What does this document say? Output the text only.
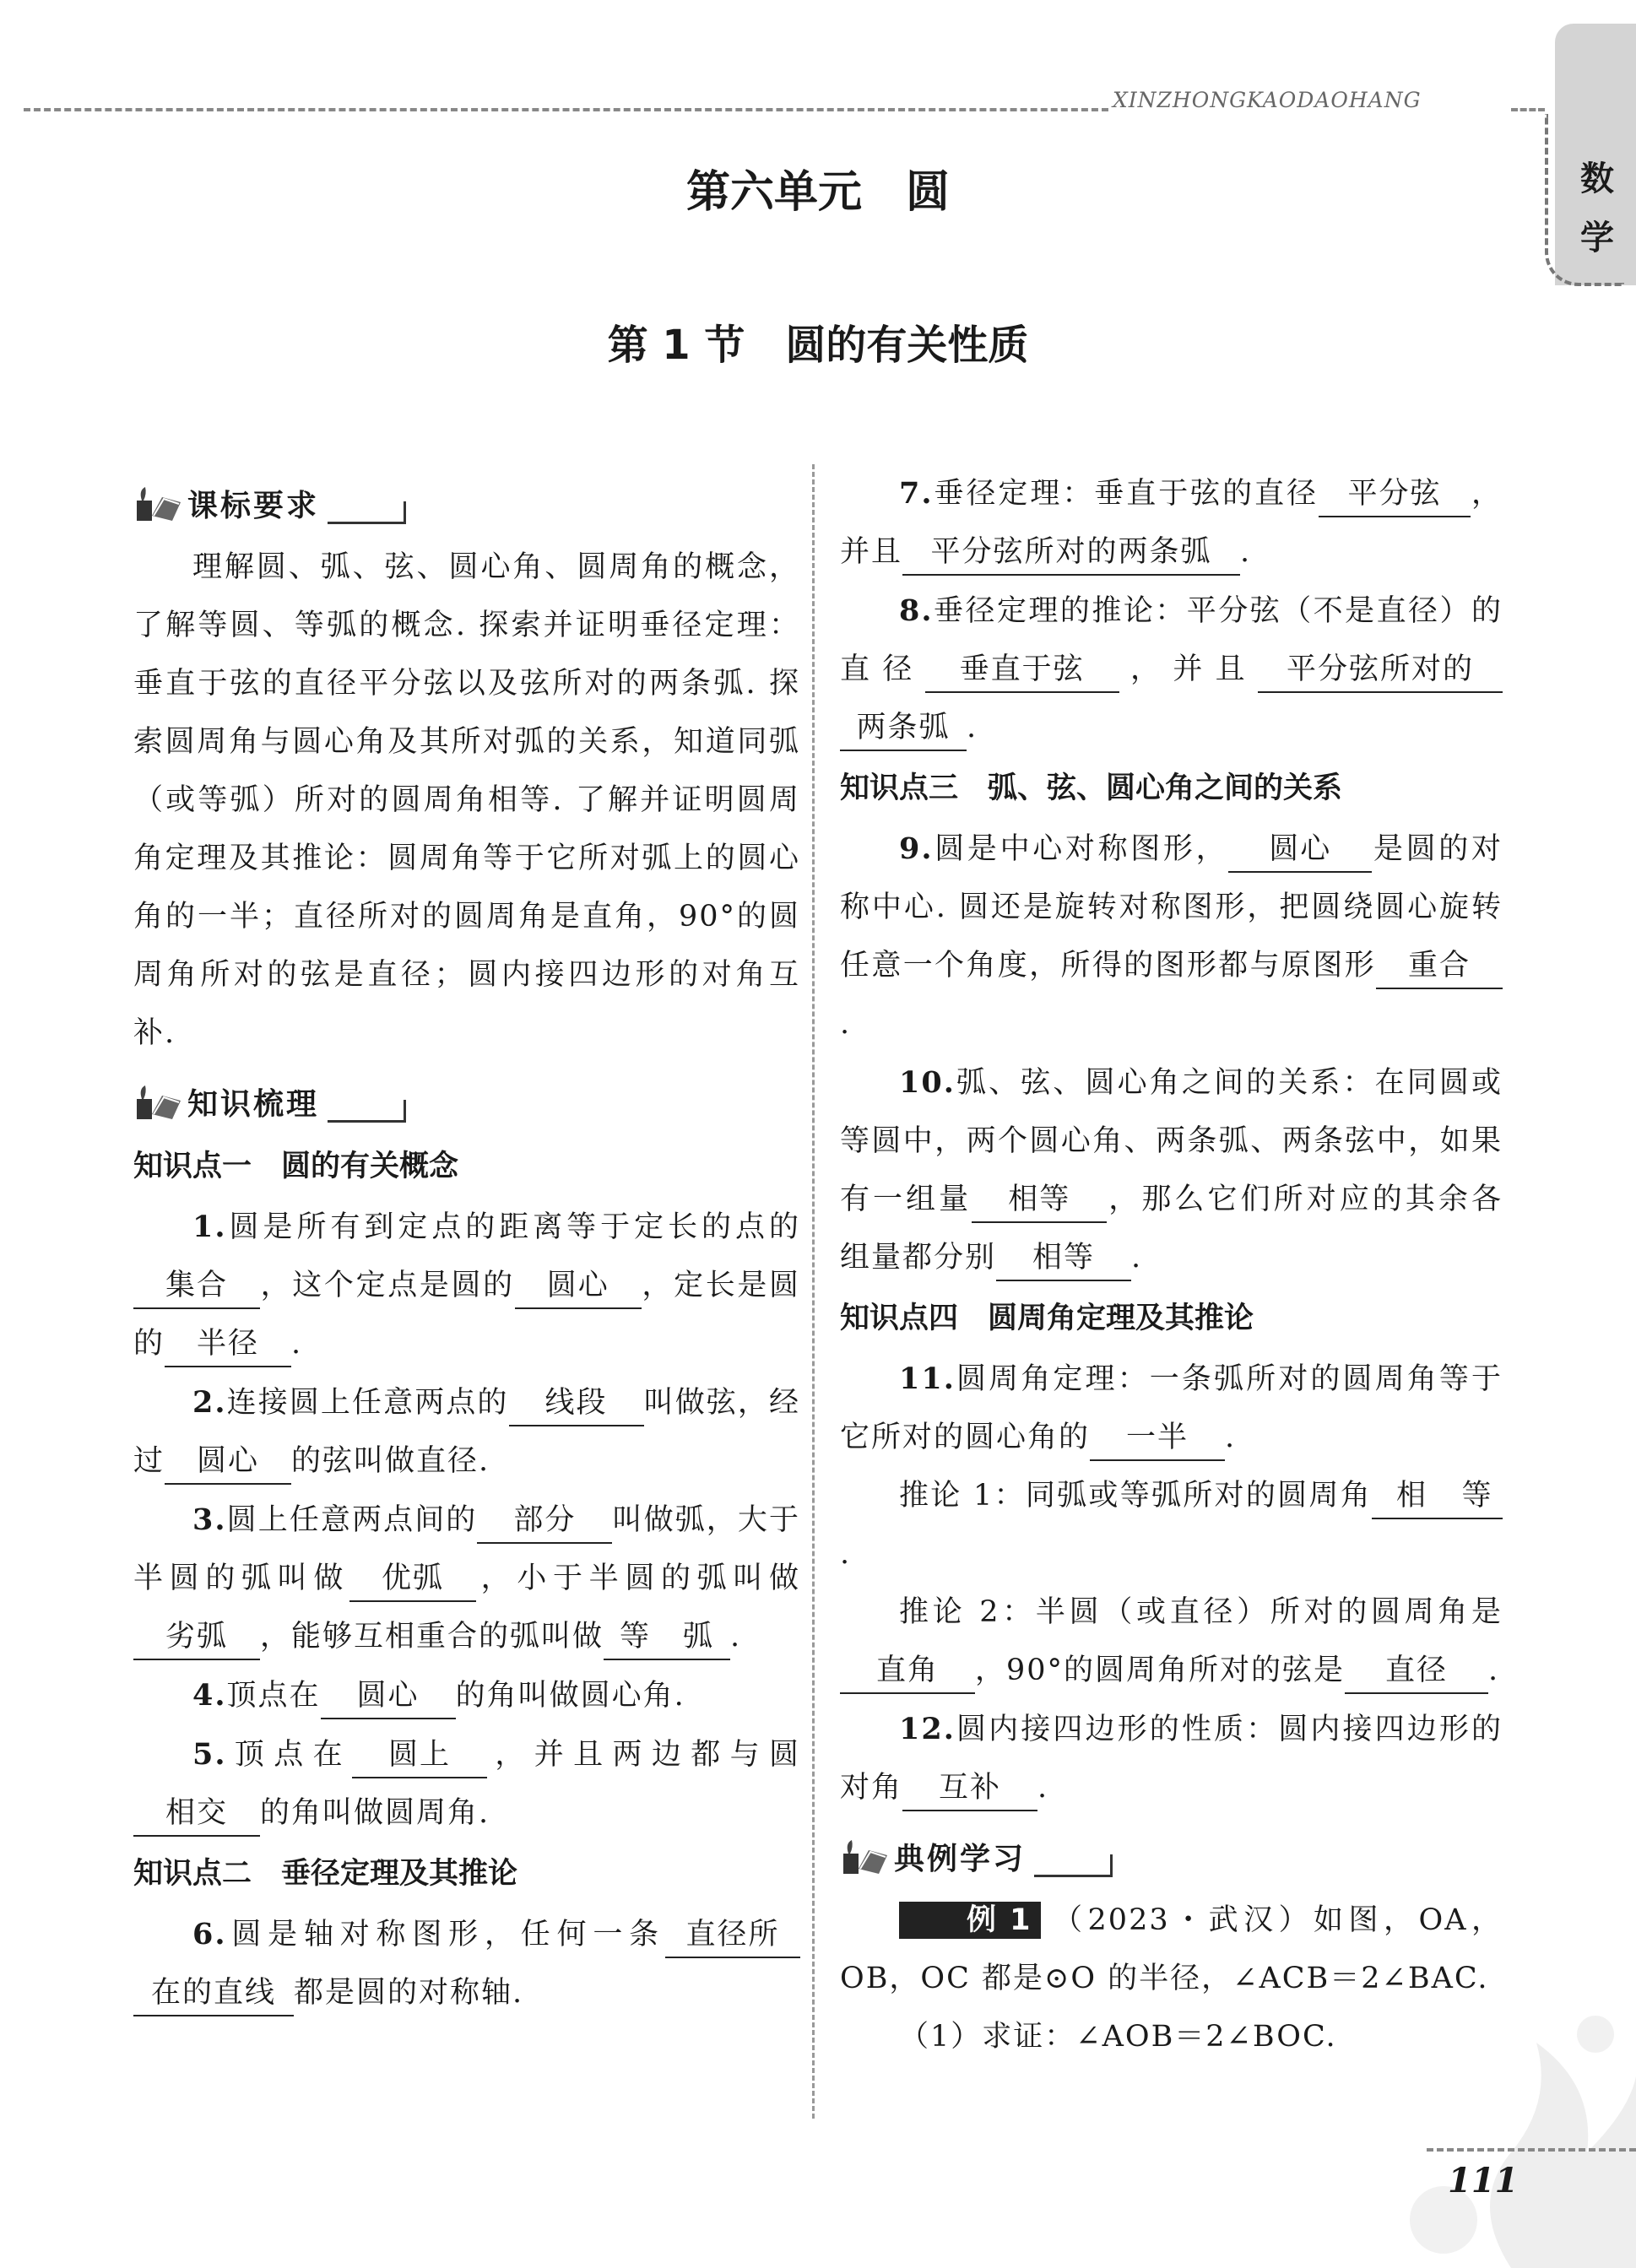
XINZHONGKAODAOHANG
数
学
第六单元　圆
第 1 节　圆的有关性质
课标要求

理解圆、弧、弦、圆心角、圆周角的概念，了解等圆、等弧的概念. 探索并证明垂径定理：垂直于弦的直径平分弦以及弦所对的两条弧. 探索圆周角与圆心角及其所对弧的关系，知道同弧（或等弧）所对的圆周角相等. 了解并证明圆周角定理及其推论：圆周角等于它所对弧上的圆心角的一半；直径所对的圆周角是直角，90°的圆周角所对的弦是直径；圆内接四边形的对角互补.

知识梳理
知识点一　圆的有关概念

1.圆是所有到定点的距离等于定长的点的集合 ，这个定点是圆的 圆心 ，定长是圆的 半径 .

2.连接圆上任意两点的 线段 叫做弦，经过 圆心 的弦叫做直径.

3.圆上任意两点间的 部分 叫做弧，大于半圆的弧叫做 优弧 ，小于半圆的弧叫做劣弧 ，能够互相重合的弧叫做 等 弧 .

4.顶点在 圆心 的角叫做圆心角.

5.顶点在 圆上 ，并且两边都与圆相交 的角叫做圆周角.

知识点二　垂径定理及其推论

6.圆是轴对称图形，任何一条 直径所在的直线 都是圆的对称轴.

7.垂径定理：垂直于弦的直径 平分弦 ，并且 平分弦所对的两条弧 .

8.垂径定理的推论：平分弦（不是直径）的直径 垂直于弦 ，并且 平分弦所对的两条弧 .

知识点三　弧、弦、圆心角之间的关系

9.圆是中心对称图形， 圆心 是圆的对称中心. 圆还是旋转对称图形，把圆绕圆心旋转任意一个角度，所得的图形都与原图形 重合.

10.弧、弦、圆心角之间的关系：在同圆或等圆中，两个圆心角、两条弧、两条弦中，如果有一组量 相等 ，那么它们所对应的其余各组量都分别 相等 .

知识点四　圆周角定理及其推论

11.圆周角定理：一条弧所对的圆周角等于它所对的圆心角的 一半 .

推论 1：同弧或等弧所对的圆周角 相 等.

推论 2：半圆（或直径）所对的圆周角是直角 ，90°的圆周角所对的弦是 直径 .

12.圆内接四边形的性质：圆内接四边形的对角 互补 .

典例学习

例 1 （2023・武汉）如图，OA，OB，OC 都是⊙O 的半径，∠ACB＝2∠BAC.

（1）求证：∠AOB＝2∠BOC.

111
